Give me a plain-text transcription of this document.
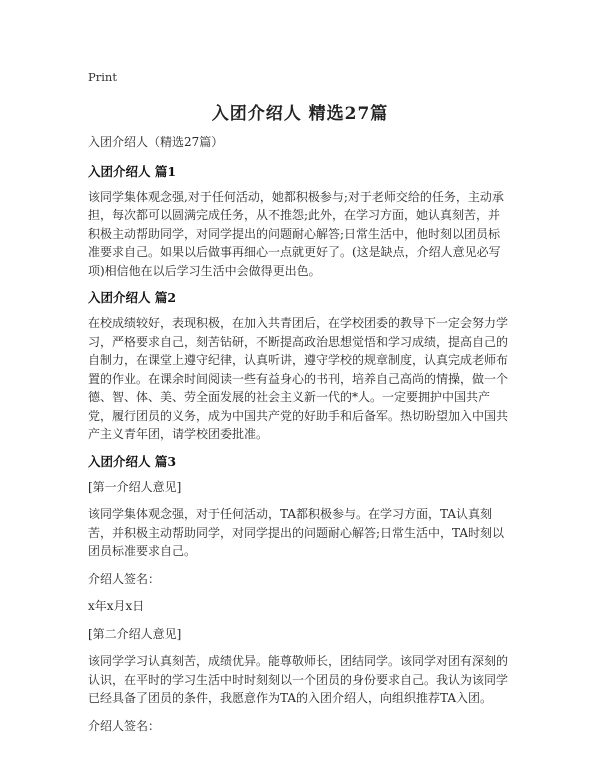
Print
入团介绍人 精选27篇

入团介绍人（精选27篇）

入团介绍人 篇1

该同学集体观念强,对于任何活动，她都积极参与;对于老师交给的任务，主动承担，每次都可以圆满完成任务，从不推怨;此外，在学习方面，她认真刻苦，并积极主动帮助同学，对同学提出的问题耐心解答;日常生活中，他时刻以团员标准要求自己。如果以后做事再细心一点就更好了。(这是缺点，介绍人意见必写项)相信他在以后学习生活中会做得更出色。

入团介绍人 篇2

在校成绩较好，表现积极，在加入共青团后，在学校团委的教导下一定会努力学习，严格要求自己，刻苦钻研，不断提高政治思想觉悟和学习成绩，提高自己的自制力，在课堂上遵守纪律，认真听讲，遵守学校的规章制度，认真完成老师布置的作业。在课余时间阅读一些有益身心的书刊，培养自己高尚的情操，做一个德、智、体、美、劳全面发展的社会主义新一代的*人。一定要拥护中国共产党，履行团员的义务，成为中国共产党的好助手和后备军。热切盼望加入中国共产主义青年团，请学校团委批准。

入团介绍人 篇3

[第一介绍人意见]

该同学集体观念强，对于任何活动，TA都积极参与。在学习方面，TA认真刻苦，并积极主动帮助同学，对同学提出的问题耐心解答;日常生活中，TA时刻以团员标准要求自己。

介绍人签名：

x年x月x日

[第二介绍人意见]

该同学学习认真刻苦，成绩优异。能尊敬师长，团结同学。该同学对团有深刻的认识，在平时的学习生活中时时刻刻以一个团员的身份要求自己。我认为该同学已经具备了团员的条件，我愿意作为TA的入团介绍人，向组织推荐TA入团。

介绍人签名：
